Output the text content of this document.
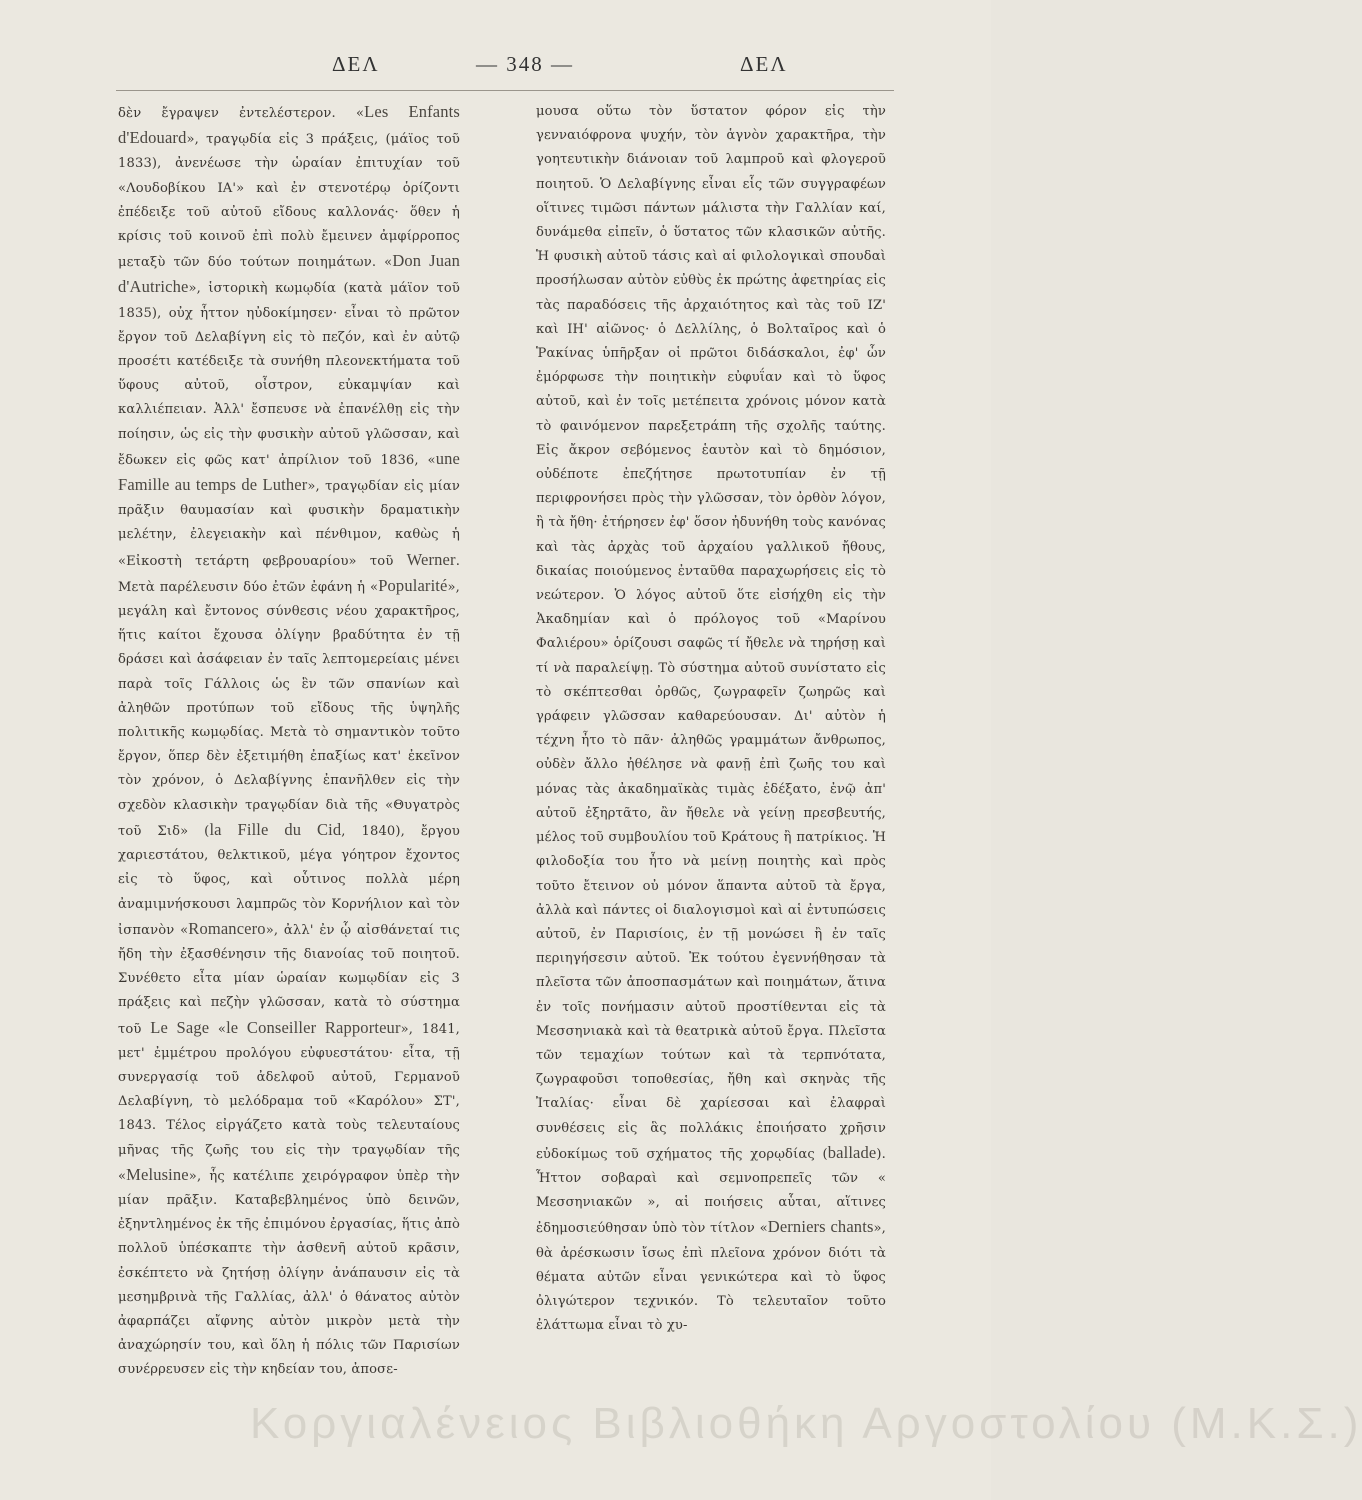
ΔΕΛ	— 348 —	ΔΕΛ

δὲν ἔγραψεν ἐντελέστερον. «Les Enfants d'Edouard», τραγῳδία εἰς 3 πράξεις, (μάϊος τοῦ 1833), ἀνενέωσε τὴν ὡραίαν ἐπιτυχίαν τοῦ «Λουδοβίκου ΙΑ'» καὶ ἐν στενοτέρῳ ὁρίζοντι ἐπέδειξε τοῦ αὐτοῦ εἴδους καλλονάς· ὅθεν ἡ κρίσις τοῦ κοινοῦ ἐπὶ πολὺ ἔμεινεν ἀμφίρροπος μεταξὺ τῶν δύο τούτων ποιημάτων. «Don Juan d'Autriche», ἱστορικὴ κωμῳδία (κατὰ μάϊον τοῦ 1835), οὐχ ἧττον ηὐδοκίμησεν· εἶναι τὸ πρῶτον ἔργον τοῦ Δελαβίγνη εἰς τὸ πεζόν, καὶ ἐν αὐτῷ προσέτι κατέδειξε τὰ συνήθη πλεονεκτήματα τοῦ ὕφους αὐτοῦ, οἶστρον, εὐκαμψίαν καὶ καλλιέπειαν. Ἀλλ' ἔσπευσε νὰ ἐπανέλθῃ εἰς τὴν ποίησιν, ὡς εἰς τὴν φυσικὴν αὐτοῦ γλῶσσαν, καὶ ἔδωκεν εἰς φῶς κατ' ἀπρίλιον τοῦ 1836, «une Famille au temps de Luther», τραγῳδίαν εἰς μίαν πρᾶξιν θαυμασίαν καὶ φυσικὴν δραματικὴν μελέτην, ἐλεγειακὴν καὶ πένθιμον, καθὼς ἡ «Εἰκοστὴ τετάρτη φεβρουαρίου» τοῦ Werner. Μετὰ παρέλευσιν δύο ἐτῶν ἐφάνη ἡ «Popularité», μεγάλη καὶ ἔντονος σύνθεσις νέου χαρακτῆρος, ἥτις καίτοι ἔχουσα ὀλίγην βραδύτητα ἐν τῇ δράσει καὶ ἀσάφειαν ἐν ταῖς λεπτομερείαις μένει παρὰ τοῖς Γάλλοις ὡς ἓν τῶν σπανίων καὶ ἀληθῶν προτύπων τοῦ εἴδους τῆς ὑψηλῆς πολιτικῆς κωμῳδίας. Μετὰ τὸ σημαντικὸν τοῦτο ἔργον, ὅπερ δὲν ἐξετιμήθη ἐπαξίως κατ' ἐκεῖνον τὸν χρόνον, ὁ Δελαβίγνης ἐπανῆλθεν εἰς τὴν σχεδὸν κλασικὴν τραγῳδίαν διὰ τῆς «Θυγατρὸς τοῦ Σιδ» (la Fille du Cid, 1840), ἔργου χαριεστάτου, θελκτικοῦ, μέγα γόητρον ἔχοντος εἰς τὸ ὕφος, καὶ οὗτινος πολλὰ μέρη ἀναμιμνήσκουσι λαμπρῶς τὸν Κορνήλιον καὶ τὸν ἰσπανὸν «Romancero», ἀλλ' ἐν ᾧ αἰσθάνεταί τις ἤδη τὴν ἐξασθένησιν τῆς διανοίας τοῦ ποιητοῦ. Συνέθετο εἶτα μίαν ὡραίαν κωμῳδίαν εἰς 3 πράξεις καὶ πεζὴν γλῶσσαν, κατὰ τὸ σύστημα τοῦ Le Sage «le Conseiller Rapporteur», 1841, μετ' ἐμμέτρου προλόγου εὐφυεστάτου· εἶτα, τῇ συνεργασίᾳ τοῦ ἀδελφοῦ αὐτοῦ, Γερμανοῦ Δελαβίγνη, τὸ μελόδραμα τοῦ «Καρόλου» ΣΤ', 1843. Τέλος εἰργάζετο κατὰ τοὺς τελευταίους μῆνας τῆς ζωῆς του εἰς τὴν τραγῳδίαν τῆς «Melusine», ἧς κατέλιπε χειρόγραφον ὑπὲρ τὴν μίαν πρᾶξιν. Καταβεβλημένος ὑπὸ δεινῶν, ἐξηντλημένος ἐκ τῆς ἐπιμόνου ἐργασίας, ἥτις ἀπὸ πολλοῦ ὑπέσκαπτε τὴν ἀσθενῆ αὐτοῦ κρᾶσιν, ἐσκέπτετο νὰ ζητήσῃ ὀλίγην ἀνάπαυσιν εἰς τὰ μεσημβρινὰ τῆς Γαλλίας, ἀλλ' ὁ θάνατος αὐτὸν ἀφαρπάζει αἴφνης αὐτὸν μικρὸν μετὰ τὴν ἀναχώρησίν του, καὶ ὅλη ἡ πόλις τῶν Παρισίων συνέρρευσεν εἰς τὴν κηδείαν του, ἀποσε-

μουσα οὕτω τὸν ὕστατον φόρον εἰς τὴν γενναιόφρονα ψυχήν, τὸν ἁγνὸν χαρακτῆρα, τὴν γοητευτικὴν διάνοιαν τοῦ λαμπροῦ καὶ φλογεροῦ ποιητοῦ. Ὁ Δελαβίγνης εἶναι εἷς τῶν συγγραφέων οἵτινες τιμῶσι πάντων μάλιστα τὴν Γαλλίαν καί, δυνάμεθα εἰπεῖν, ὁ ὕστατος τῶν κλασικῶν αὐτῆς. Ἡ φυσικὴ αὐτοῦ τάσις καὶ αἱ φιλολογικαὶ σπουδαὶ προσήλωσαν αὐτὸν εὐθὺς ἐκ πρώτης ἀφετηρίας εἰς τὰς παραδόσεις τῆς ἀρχαιότητος καὶ τὰς τοῦ ΙΖ' καὶ ΙΗ' αἰῶνος· ὁ Δελλίλης, ὁ Βολταῖρος καὶ ὁ Ῥακίνας ὑπῆρξαν οἱ πρῶτοι διδάσκαλοι, ἐφ' ὧν ἐμόρφωσε τὴν ποιητικὴν εὐφυΐαν καὶ τὸ ὕφος αὐτοῦ, καὶ ἐν τοῖς μετέπειτα χρόνοις μόνον κατὰ τὸ φαινόμενον παρεξετράπη τῆς σχολῆς ταύτης. Εἰς ἄκρον σεβόμενος ἑαυτὸν καὶ τὸ δημόσιον, οὐδέποτε ἐπεζήτησε πρωτοτυπίαν ἐν τῇ περιφρονήσει πρὸς τὴν γλῶσσαν, τὸν ὀρθὸν λόγον, ἢ τὰ ἤθη· ἐτήρησεν ἐφ' ὅσον ἠδυνήθη τοὺς κανόνας καὶ τὰς ἀρχὰς τοῦ ἀρχαίου γαλλικοῦ ἤθους, δικαίας ποιούμενος ἐνταῦθα παραχωρήσεις εἰς τὸ νεώτερον. Ὁ λόγος αὐτοῦ ὅτε εἰσήχθη εἰς τὴν Ἀκαδημίαν καὶ ὁ πρόλογος τοῦ «Μαρίνου Φαλιέρου» ὁρίζουσι σαφῶς τί ἤθελε νὰ τηρήσῃ καὶ τί νὰ παραλείψῃ. Τὸ σύστημα αὐτοῦ συνίστατο εἰς τὸ σκέπτεσθαι ὀρθῶς, ζωγραφεῖν ζωηρῶς καὶ γράφειν γλῶσσαν καθαρεύουσαν. Δι' αὐτὸν ἡ τέχνη ἦτο τὸ πᾶν· ἀληθῶς γραμμάτων ἄνθρωπος, οὐδὲν ἄλλο ἠθέλησε νὰ φανῇ ἐπὶ ζωῆς του καὶ μόνας τὰς ἀκαδημαϊκὰς τιμὰς ἐδέξατο, ἐνῷ ἀπ' αὐτοῦ ἐξηρτᾶτο, ἂν ἤθελε νὰ γείνῃ πρεσβευτής, μέλος τοῦ συμβουλίου τοῦ Κράτους ἢ πατρίκιος. Ἡ φιλοδοξία του ἦτο νὰ μείνῃ ποιητὴς καὶ πρὸς τοῦτο ἔτεινον οὐ μόνον ἅπαντα αὐτοῦ τὰ ἔργα, ἀλλὰ καὶ πάντες οἱ διαλογισμοὶ καὶ αἱ ἐντυπώσεις αὐτοῦ, ἐν Παρισίοις, ἐν τῇ μονώσει ἢ ἐν ταῖς περιηγήσεσιν αὐτοῦ. Ἐκ τούτου ἐγεννήθησαν τὰ πλεῖστα τῶν ἀποσπασμάτων καὶ ποιημάτων, ἅτινα ἐν τοῖς πονήμασιν αὐτοῦ προστίθενται εἰς τὰ Μεσσηνιακὰ καὶ τὰ θεατρικὰ αὐτοῦ ἔργα. Πλεῖστα τῶν τεμαχίων τούτων καὶ τὰ τερπνότατα, ζωγραφοῦσι τοποθεσίας, ἤθη καὶ σκηνὰς τῆς Ἰταλίας· εἶναι δὲ χαρίεσσαι καὶ ἐλαφραὶ συνθέσεις εἰς ἃς πολλάκις ἐποιήσατο χρῆσιν εὐδοκίμως τοῦ σχήματος τῆς χορῳδίας (ballade). Ἧττον σοβαραὶ καὶ σεμνοπρεπεῖς τῶν « Μεσσηνιακῶν », αἱ ποιήσεις αὗται, αἵτινες ἐδημοσιεύθησαν ὑπὸ τὸν τίτλον «Derniers chants», θὰ ἀρέσκωσιν ἴσως ἐπὶ πλεῖονα χρόνον διότι τὰ θέματα αὐτῶν εἶναι γενικώτερα καὶ τὸ ὕφος ὀλιγώτερον τεχνικόν. Τὸ τελευταῖον τοῦτο ἐλάττωμα εἶναι τὸ χυ-

Κοργιαλένειος Βιβλιοθήκη Αργοστολίου (Μ.Κ.Σ.)
